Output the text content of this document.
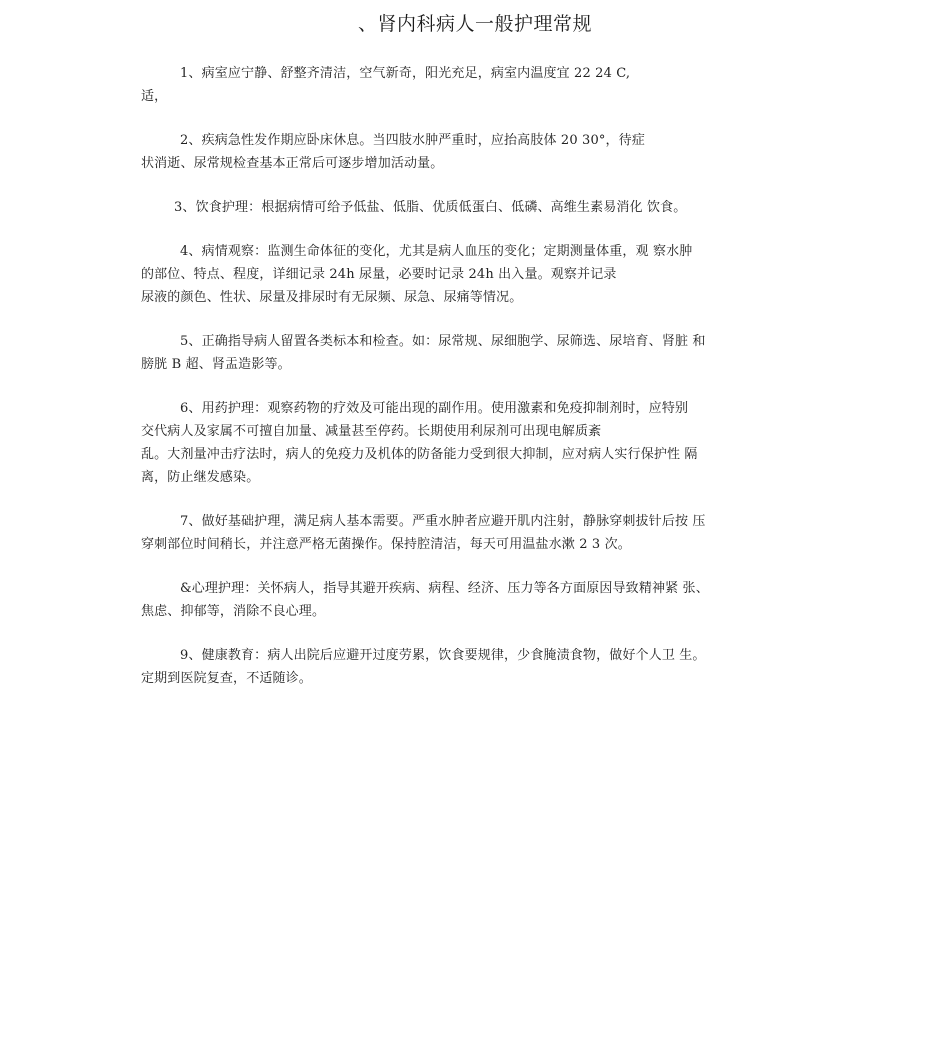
、肾内科病人一般护理常规
1、病室应宁静、舒整齐清洁，空气新奇，阳光充足，病室内温度宜 22 24 C,
适，
2、疾病急性发作期应卧床休息。当四肢水肿严重时，应抬高肢体 20 30°，待症
状消逝、尿常规检查基本正常后可逐步增加活动量。
3、饮食护理：根据病情可给予低盐、低脂、优质低蛋白、低磷、高维生素易消化 饮食。
4、病情观察：监测生命体征的变化，尤其是病人血压的变化；定期测量体重，观 察水肿
的部位、特点、程度，详细记录 24h 尿量，必要时记录 24h 出入量。观察并记录
尿液的颜色、性状、尿量及排尿时有无尿频、尿急、尿痛等情况。
5、正确指导病人留置各类标本和检查。如：尿常规、尿细胞学、尿筛选、尿培育、肾脏 和
膀胱 B 超、肾盂造影等。
6、用药护理：观察药物的疗效及可能出现的副作用。使用激素和免疫抑制剂时，应特别
交代病人及家属不可擅自加量、减量甚至停药。长期使用利尿剂可出现电解质紊
乱。大剂量冲击疗法时，病人的免疫力及机体的防备能力受到很大抑制，应对病人实行保护性 隔
离，防止继发感染。
7、做好基础护理，满足病人基本需要。严重水肿者应避开肌内注射，静脉穿刺拔针后按 压
穿刺部位时间稍长，并注意严格无菌操作。保持腔清洁，每天可用温盐水漱 2 3 次。
&心理护理：关怀病人，指导其避开疾病、病程、经济、压力等各方面原因导致精神紧 张、
焦虑、抑郁等，消除不良心理。
9、健康教育：病人出院后应避开过度劳累，饮食要规律，少食腌渍食物，做好个人卫 生。
定期到医院复查，不适随诊。
